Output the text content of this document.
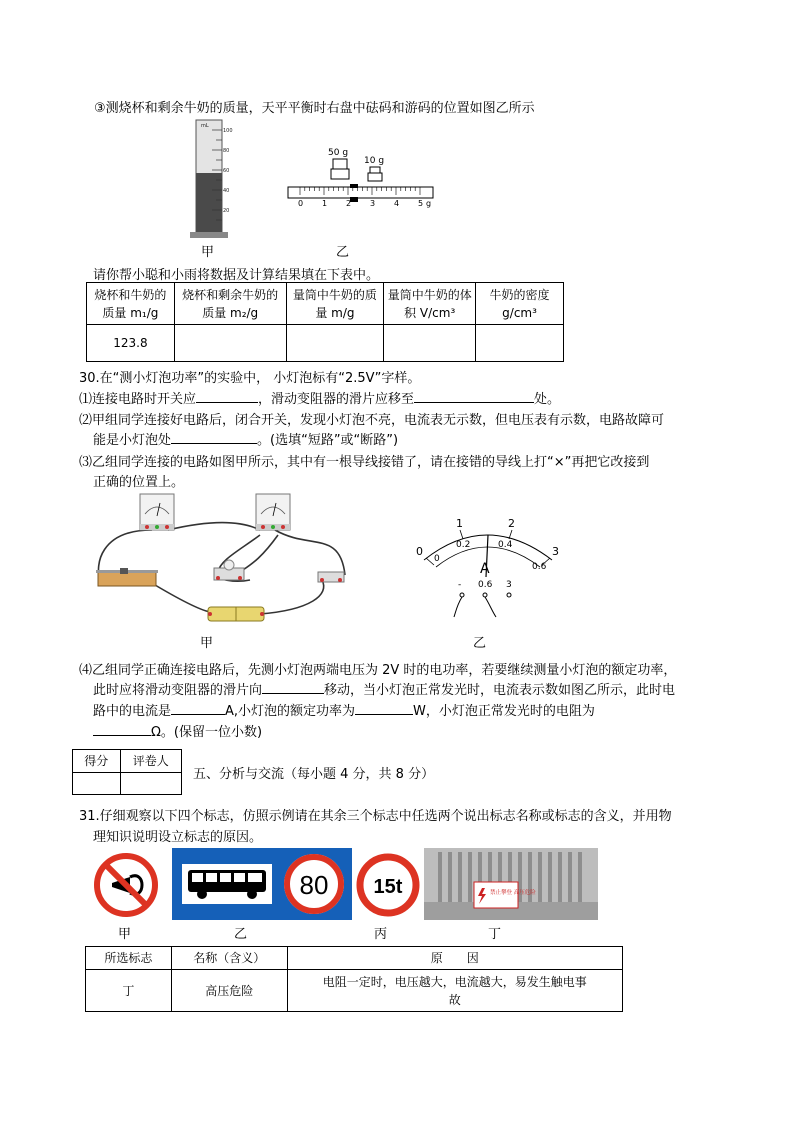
③测烧杯和剩余牛奶的质量，天平平衡时右盘中砝码和游码的位置如图乙所示
mL
100
80
60
40
20
50 g
10 g
0 1 2 3 4 5 g
甲	乙
请你帮小聪和小雨将数据及计算结果填在下表中。
烧杯和牛奶的质量 m₁/g	烧杯和剩余牛奶的质量 m₂/g	量筒中牛奶的质量 m/g	量筒中牛奶的体积 V/cm³	牛奶的密度 g/cm³
123.8				
30.在“测小灯泡功率”的实验中， 小灯泡标有“2.5V”字样。
⑴连接电路时开关应	，滑动变阻器的滑片应移至	处。
⑵甲组同学连接好电路后，闭合开关，发现小灯泡不亮，电流表无示数，但电压表有示数，电路故障可
能是小灯泡处	。(选填“短路”或“断路”)
⑶乙组同学连接的电路如图甲所示，其中有一根导线接错了，请在接错的导线上打“×”再把它改接到
正确的位置上。
0
1	2
3
0
0.2	0.4
0.6
A
- 0.6 3
甲	乙
⑷乙组同学正确连接电路后，先测小灯泡两端电压为 2V 时的电功率，若要继续测量小灯泡的额定功率，
此时应将滑动变阻器的滑片向	移动，当小灯泡正常发光时，电流表示数如图乙所示，此时电
路中的电流是	A,小灯泡的额定功率为	W，小灯泡正常发光时的电阻为
Ω。(保留一位小数)
得分	评卷人

五、分析与交流（每小题 4 分，共 8 分）
31.仔细观察以下四个标志，仿照示例请在其余三个标志中任选两个说出标志名称或标志的含义，并用物
理知识说明设立标志的原因。
80 15t	禁止攀登 高压危险
甲	乙	丙	丁
所选标志	名称（含义）	原　　因
丁	高压危险	电阻一定时，电压越大，电流越大，易发生触电事故
